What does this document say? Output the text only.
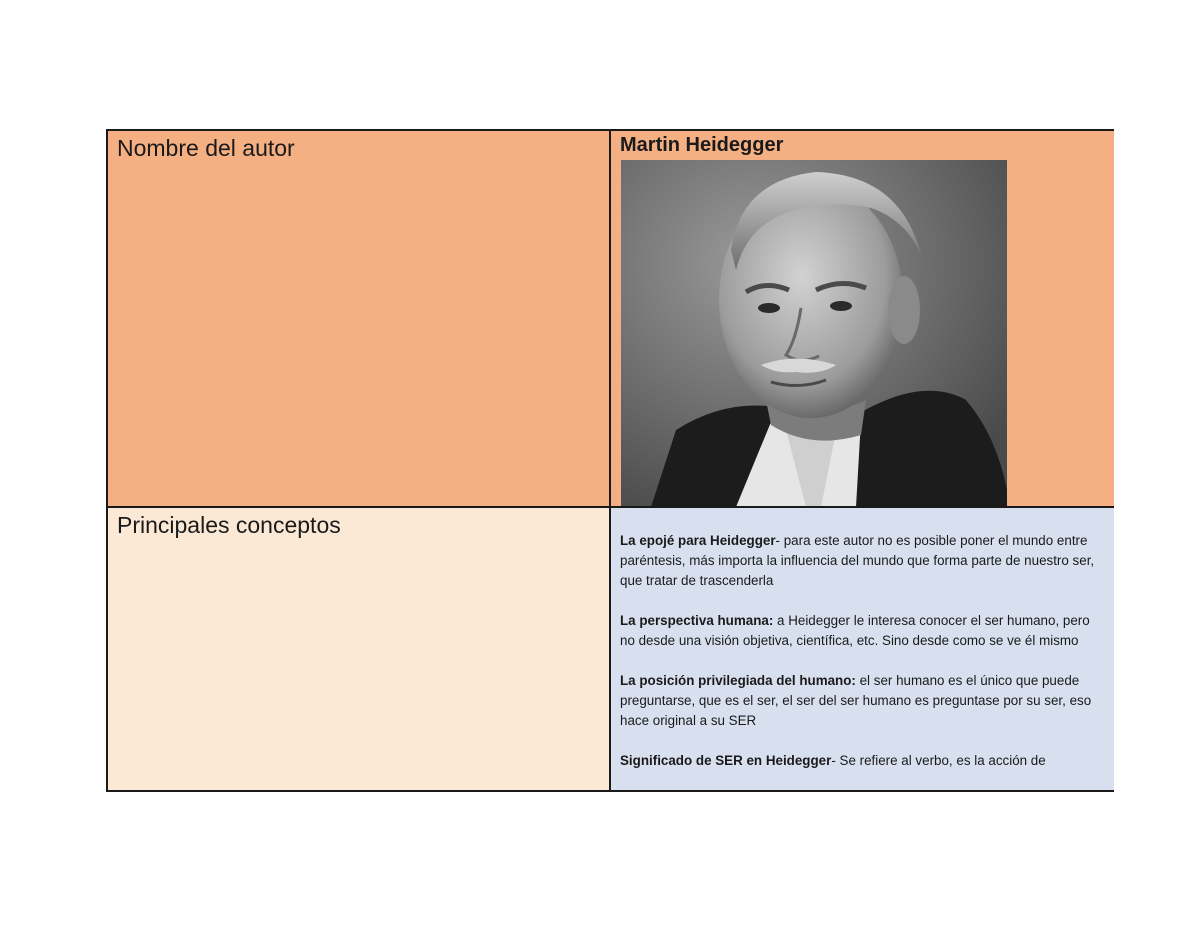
Nombre del autor	Martin Heidegger
Principales conceptos

La epojé para Heidegger- para este autor no es posible poner el mundo entre paréntesis, más importa la influencia del mundo que forma parte de nuestro ser, que tratar de trascenderla

La perspectiva humana: a Heidegger le interesa conocer el ser humano, pero no desde una visión objetiva, científica, etc. Sino desde como se ve él mismo

La posición privilegiada del humano: el ser humano es el único que puede preguntarse, que es el ser, el ser del ser humano es preguntase por su ser, eso hace original a su SER

Significado de SER en Heidegger- Se refiere al verbo, es la acción de
